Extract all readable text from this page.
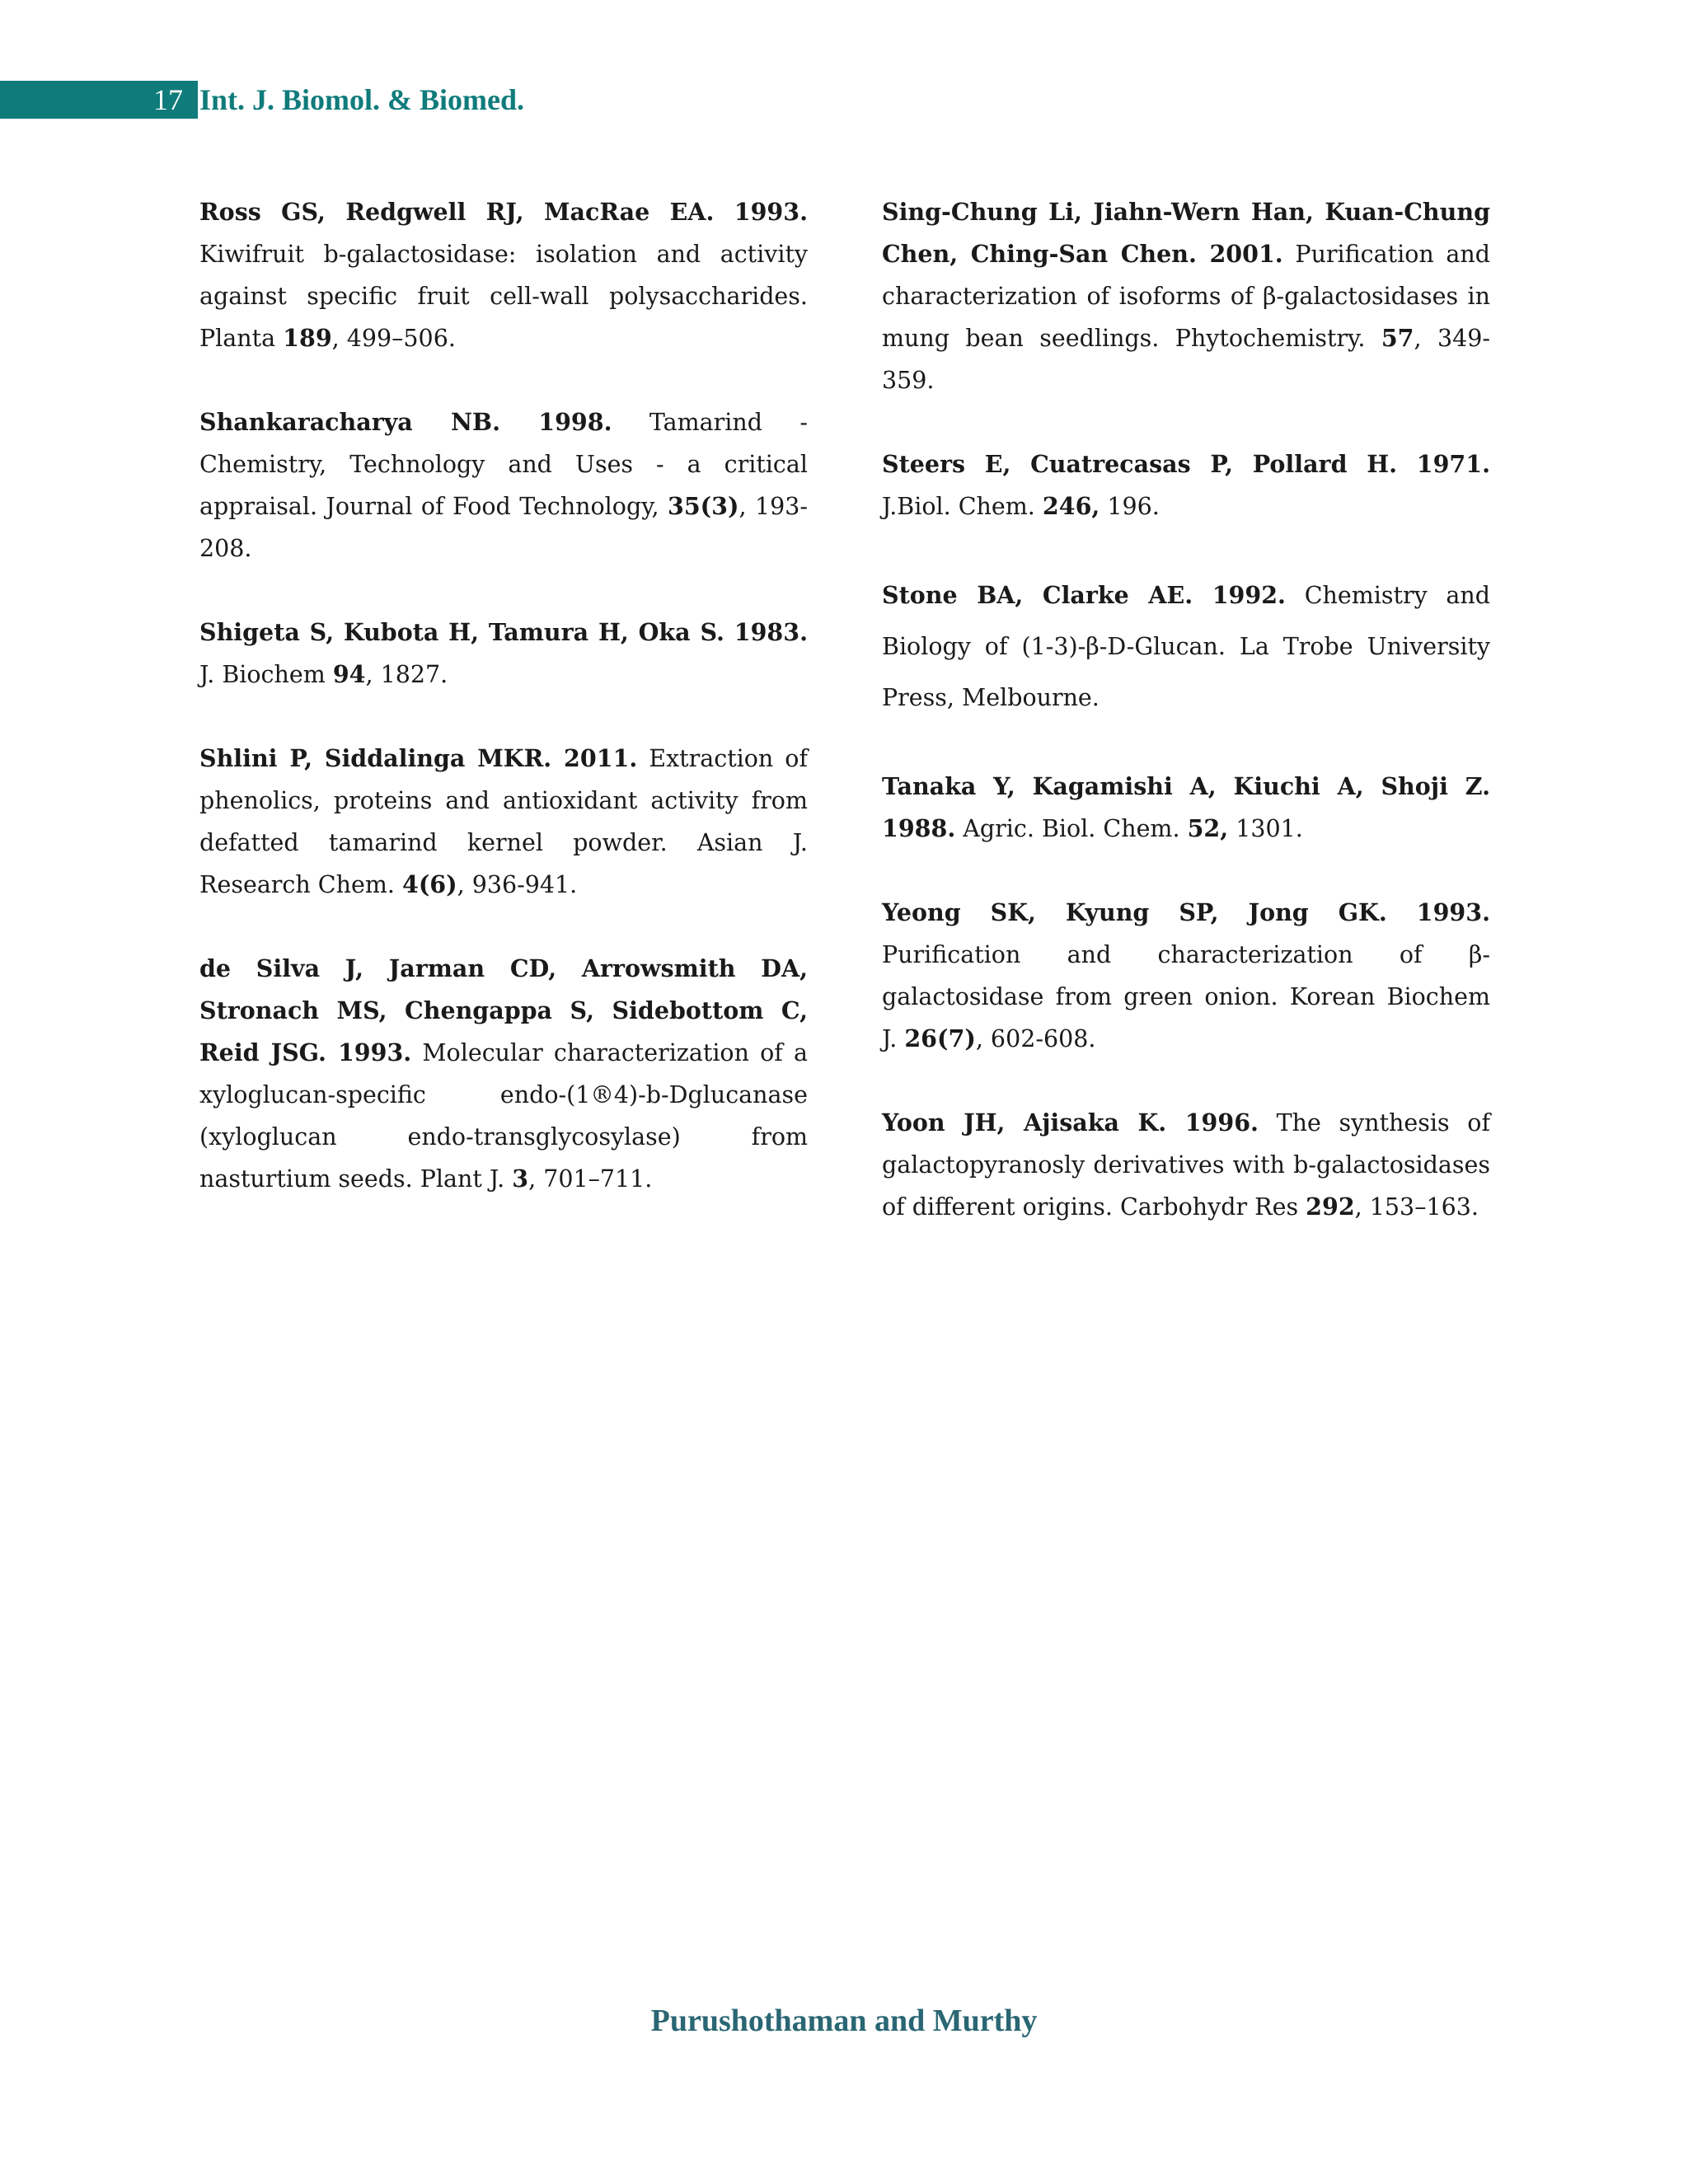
17 Int. J. Biomol. & Biomed.

Ross GS, Redgwell RJ, MacRae EA. 1993. Kiwifruit b-galactosidase: isolation and activity against specific fruit cell-wall polysaccharides. Planta 189, 499–506.

Shankaracharya NB. 1998. Tamarind - Chemistry, Technology and Uses - a critical appraisal. Journal of Food Technology, 35(3), 193-208.

Shigeta S, Kubota H, Tamura H, Oka S. 1983. J. Biochem 94, 1827.

Shlini P, Siddalinga MKR. 2011. Extraction of phenolics, proteins and antioxidant activity from defatted tamarind kernel powder. Asian J. Research Chem. 4(6), 936-941.

de Silva J, Jarman CD, Arrowsmith DA, Stronach MS, Chengappa S, Sidebottom C, Reid JSG. 1993. Molecular characterization of a xyloglucan-specific endo-(1®4)-b-Dglucanase (xyloglucan endo-transglycosylase) from nasturtium seeds. Plant J. 3, 701–711.

Sing-Chung Li, Jiahn-Wern Han, Kuan-Chung Chen, Ching-San Chen. 2001. Purification and characterization of isoforms of β-galactosidases in mung bean seedlings. Phytochemistry. 57, 349-359.

Steers E, Cuatrecasas P, Pollard H. 1971. J.Biol. Chem. 246, 196.

Stone BA, Clarke AE. 1992. Chemistry and Biology of (1-3)-β-D-Glucan. La Trobe University Press, Melbourne.

Tanaka Y, Kagamishi A, Kiuchi A, Shoji Z. 1988. Agric. Biol. Chem. 52, 1301.

Yeong SK, Kyung SP, Jong GK. 1993. Purification and characterization of β-galactosidase from green onion. Korean Biochem J. 26(7), 602-608.

Yoon JH, Ajisaka K. 1996. The synthesis of galactopyranosly derivatives with b-galactosidases of different origins. Carbohydr Res 292, 153–163.

Purushothaman and Murthy
